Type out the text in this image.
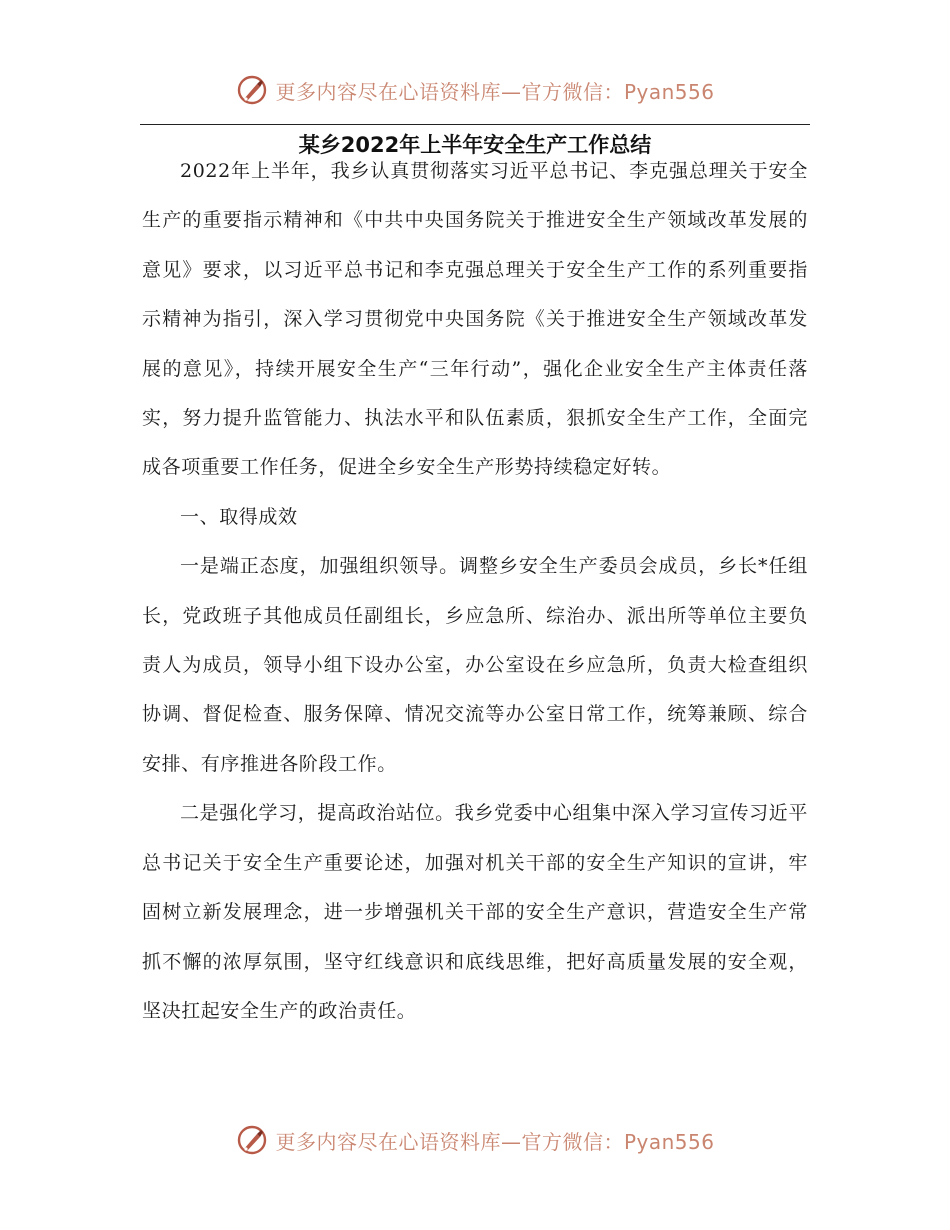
更多内容尽在心语资料库—官方微信：Pyan556
某乡2022年上半年安全生产工作总结

2022年上半年，我乡认真贯彻落实习近平总书记、李克强总理关于安全生产的重要指示精神和《中共中央国务院关于推进安全生产领域改革发展的意见》要求，以习近平总书记和李克强总理关于安全生产工作的系列重要指示精神为指引，深入学习贯彻党中央国务院《关于推进安全生产领域改革发展的意见》，持续开展安全生产“三年行动”，强化企业安全生产主体责任落实，努力提升监管能力、执法水平和队伍素质，狠抓安全生产工作，全面完成各项重要工作任务，促进全乡安全生产形势持续稳定好转。

一、取得成效

一是端正态度，加强组织领导。调整乡安全生产委员会成员，乡长*任组长，党政班子其他成员任副组长，乡应急所、综治办、派出所等单位主要负责人为成员，领导小组下设办公室，办公室设在乡应急所，负责大检查组织协调、督促检查、服务保障、情况交流等办公室日常工作，统筹兼顾、综合安排、有序推进各阶段工作。

二是强化学习，提高政治站位。我乡党委中心组集中深入学习宣传习近平总书记关于安全生产重要论述，加强对机关干部的安全生产知识的宣讲，牢固树立新发展理念，进一步增强机关干部的安全生产意识，营造安全生产常抓不懈的浓厚氛围，坚守红线意识和底线思维，把好高质量发展的安全观，坚决扛起安全生产的政治责任。

更多内容尽在心语资料库—官方微信：Pyan556
